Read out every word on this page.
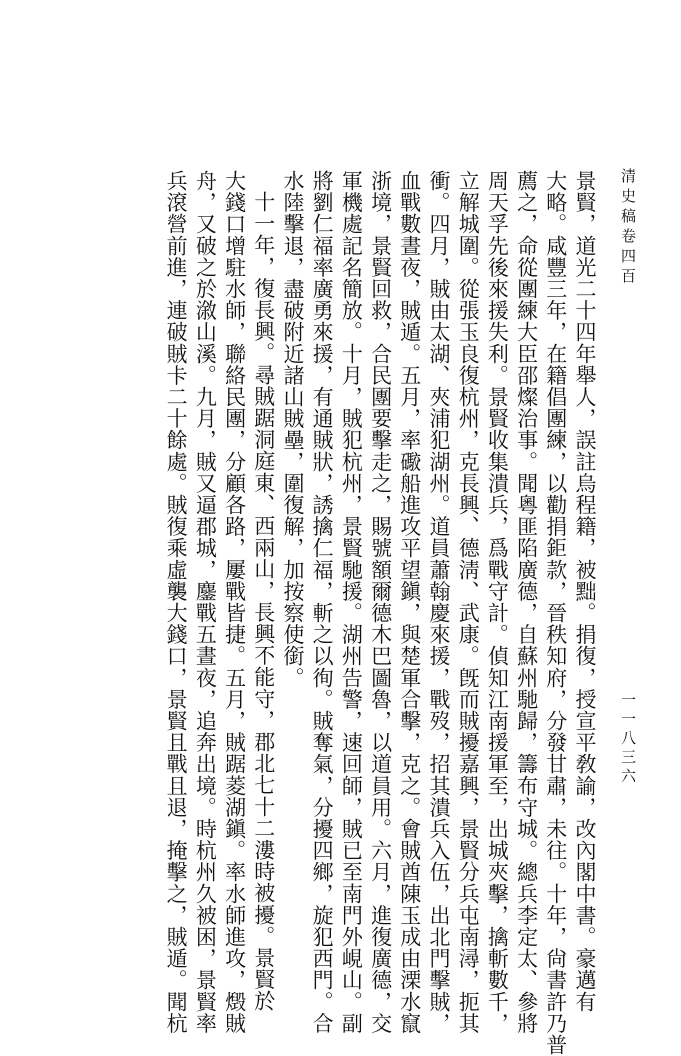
清史稿卷四百
一一八三六
景賢，道光二十四年舉人，誤註烏程籍，被黜。捐復，授宣平敎諭，改內閣中書。豪邁有
大略。咸豐三年，在籍倡團練，以勸捐鉅款，晉秩知府，分發甘肅，未往。十年，尙書許乃普
薦之，命從團練大臣邵燦治事。聞粵匪陷廣德，自蘇州馳歸，籌布守城。總兵李定太、參將
周天孚先後來援失利。景賢收集潰兵，爲戰守計。偵知江南援軍至，出城夾擊，擒斬數千，
立解城圍。從張玉良復杭州，克長興、德淸、武康。旣而賊擾嘉興，景賢分兵屯南潯，扼其
衝。四月，賊由太湖、夾浦犯湖州。道員蕭翰慶來援，戰歿，招其潰兵入伍，出北門擊賊，
血戰數晝夜，賊遁。五月，率礮船進攻平望鎭，與楚軍合擊，克之。會賊酋陳玉成由溧水竄
浙境，景賢回救，合民團要擊走之，賜號額爾德木巴圖魯，以道員用。六月，進復廣德，交
軍機處記名簡放。十月，賊犯杭州，景賢馳援。湖州告警，速回師，賊已至南門外峴山。副
將劉仁福率廣勇來援，有通賊狀，誘擒仁福，斬之以徇。賊奪氣，分擾四鄉，旋犯西門。合
水陸擊退，盡破附近諸山賊壘，圍復解，加按察使銜。
十一年，復長興。尋賊踞洞庭東、西兩山，長興不能守，郡北七十二漊時被擾。景賢於
大錢口增駐水師，聯絡民團，分顧各路，屢戰皆捷。五月，賊踞菱湖鎭。率水師進攻，燬賊
舟，又破之於漵山溪。九月，賊又逼郡城，鏖戰五晝夜，追奔出境。時杭州久被困，景賢率
兵滾營前進，連破賊卡二十餘處。賊復乘虛襲大錢口，景賢且戰且退，掩擊之，賊遁。聞杭
